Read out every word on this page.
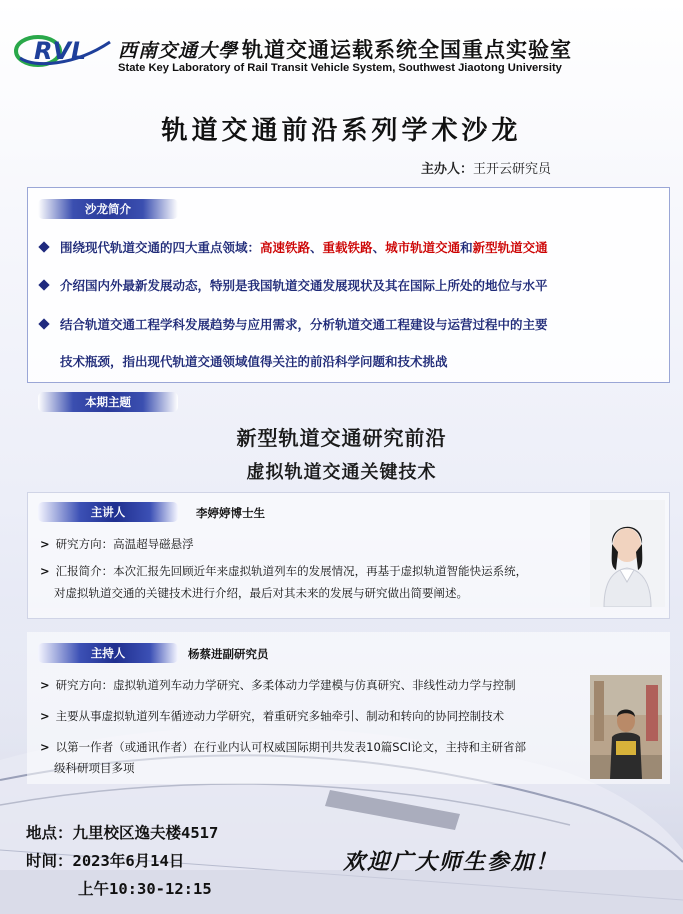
RVL 西南交通大學 轨道交通运载系统全国重点实验室
State Key Laboratory of Rail Transit Vehicle System, Southwest Jiaotong University
轨道交通前沿系列学术沙龙
主办人：王开云研究员
沙龙简介
围绕现代轨道交通的四大重点领域：高速铁路、重载铁路、城市轨道交通和新型轨道交通
介绍国内外最新发展动态，特别是我国轨道交通发展现状及其在国际上所处的地位与水平
结合轨道交通工程学科发展趋势与应用需求，分析轨道交通工程建设与运营过程中的主要
技术瓶颈，指出现代轨道交通领域值得关注的前沿科学问题和技术挑战
本期主题
新型轨道交通研究前沿
虚拟轨道交通关键技术
主讲人	李婷婷博士生
> 研究方向：高温超导磁悬浮
> 汇报简介：本次汇报先回顾近年来虚拟轨道列车的发展情况，再基于虚拟轨道智能快运系统，
对虚拟轨道交通的关键技术进行介绍，最后对其未来的发展与研究做出简要阐述。
主持人	杨蔡进副研究员
> 研究方向：虚拟轨道列车动力学研究、多柔体动力学建模与仿真研究、非线性动力学与控制
> 主要从事虚拟轨道列车循迹动力学研究，着重研究多轴牵引、制动和转向的协同控制技术
> 以第一作者（或通讯作者）在行业内认可权威国际期刊共发表10篇SCI论文，主持和主研省部
级科研项目多项
地点：九里校区逸夫楼4517
时间：2023年6月14日
上午10:30-12:15
欢迎广大师生参加！
